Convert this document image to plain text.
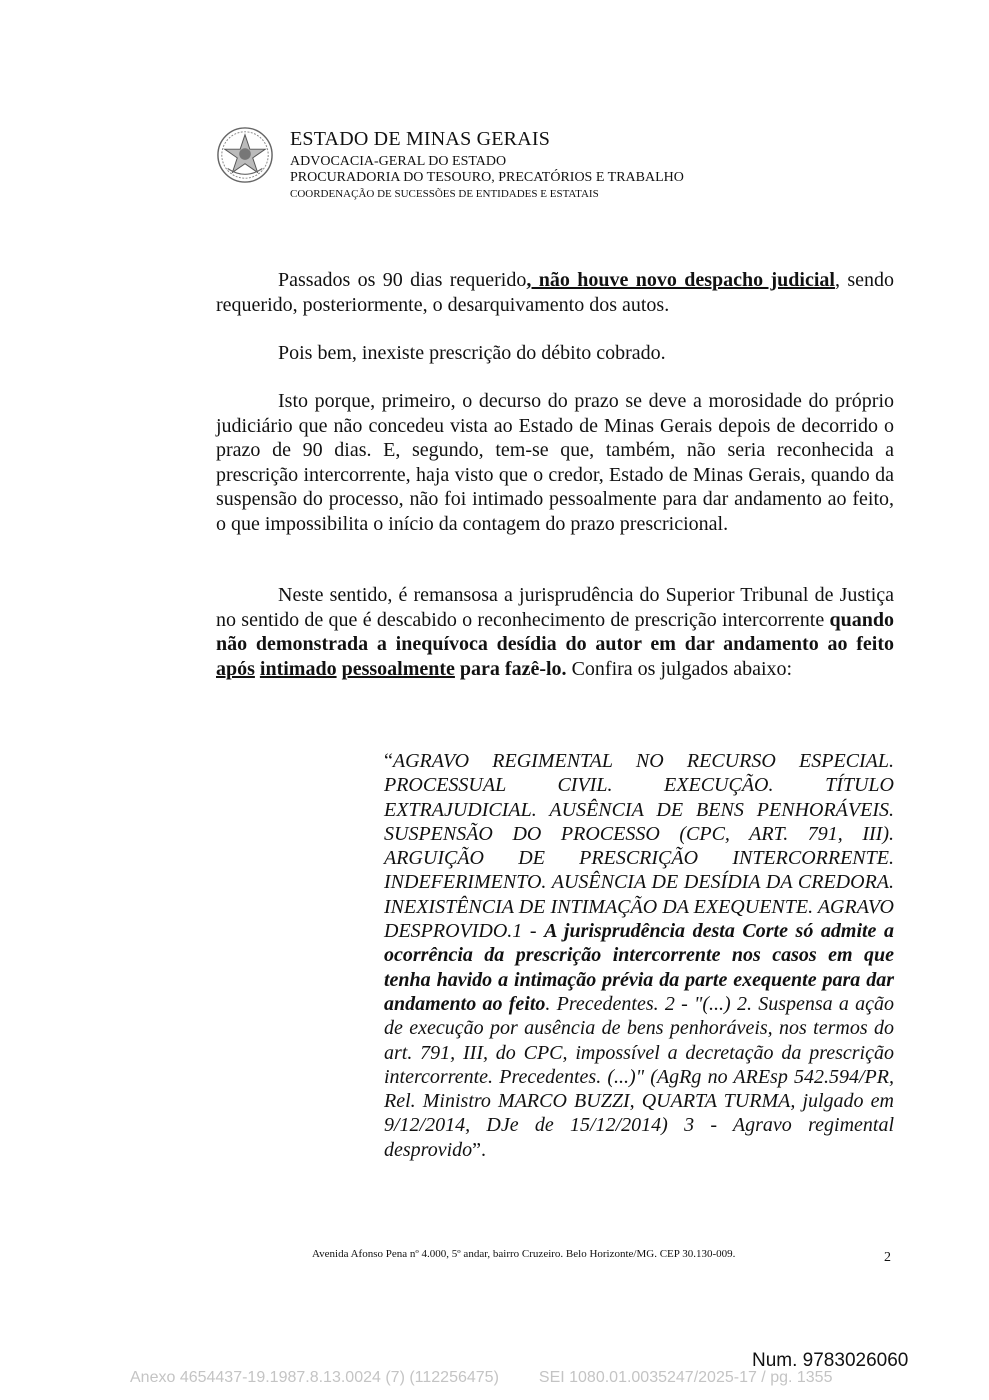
ESTADO DE MINAS GERAIS
ADVOCACIA-GERAL DO ESTADO
PROCURADORIA DO TESOURO, PRECATÓRIOS E TRABALHO
COORDENAÇÃO DE SUCESSÕES DE ENTIDADES E ESTATAIS
Passados os 90 dias requerido, não houve novo despacho judicial, sendo requerido, posteriormente, o desarquivamento dos autos.
Pois bem, inexiste prescrição do débito cobrado.
Isto porque, primeiro, o decurso do prazo se deve a morosidade do próprio judiciário que não concedeu vista ao Estado de Minas Gerais depois de decorrido o prazo de 90 dias. E, segundo, tem-se que, também, não seria reconhecida a prescrição intercorrente, haja visto que o credor, Estado de Minas Gerais, quando da suspensão do processo, não foi intimado pessoalmente para dar andamento ao feito, o que impossibilita o início da contagem do prazo prescricional.
Neste sentido, é remansosa a jurisprudência do Superior Tribunal de Justiça no sentido de que é descabido o reconhecimento de prescrição intercorrente quando não demonstrada a inequívoca desídia do autor em dar andamento ao feito após intimado pessoalmente para fazê-lo. Confira os julgados abaixo:
“AGRAVO REGIMENTAL NO RECURSO ESPECIAL. PROCESSUAL CIVIL. EXECUÇÃO. TÍTULO EXTRAJUDICIAL. AUSÊNCIA DE BENS PENHORÁVEIS. SUSPENSÃO DO PROCESSO (CPC, ART. 791, III). ARGUIÇÃO DE PRESCRIÇÃO INTERCORRENTE. INDEFERIMENTO. AUSÊNCIA DE DESÍDIA DA CREDORA. INEXISTÊNCIA DE INTIMAÇÃO DA EXEQUENTE. AGRAVO DESPROVIDO.1 - A jurisprudência desta Corte só admite a ocorrência da prescrição intercorrente nos casos em que tenha havido a intimação prévia da parte exequente para dar andamento ao feito. Precedentes. 2 - "(...) 2. Suspensa a ação de execução por ausência de bens penhoráveis, nos termos do art. 791, III, do CPC, impossível a decretação da prescrição intercorrente. Precedentes. (...)" (AgRg no AREsp 542.594/PR, Rel. Ministro MARCO BUZZI, QUARTA TURMA, julgado em 9/12/2014, DJe de 15/12/2014) 3 - Agravo regimental desprovido”.
Avenida Afonso Pena nº 4.000, 5º andar, bairro Cruzeiro. Belo Horizonte/MG. CEP 30.130-009.	2
Num. 9783026060
Anexo 4654437-19.1987.8.13.0024 (7) (112256475)	SEI 1080.01.0035247/2025-17 / pg. 1355
